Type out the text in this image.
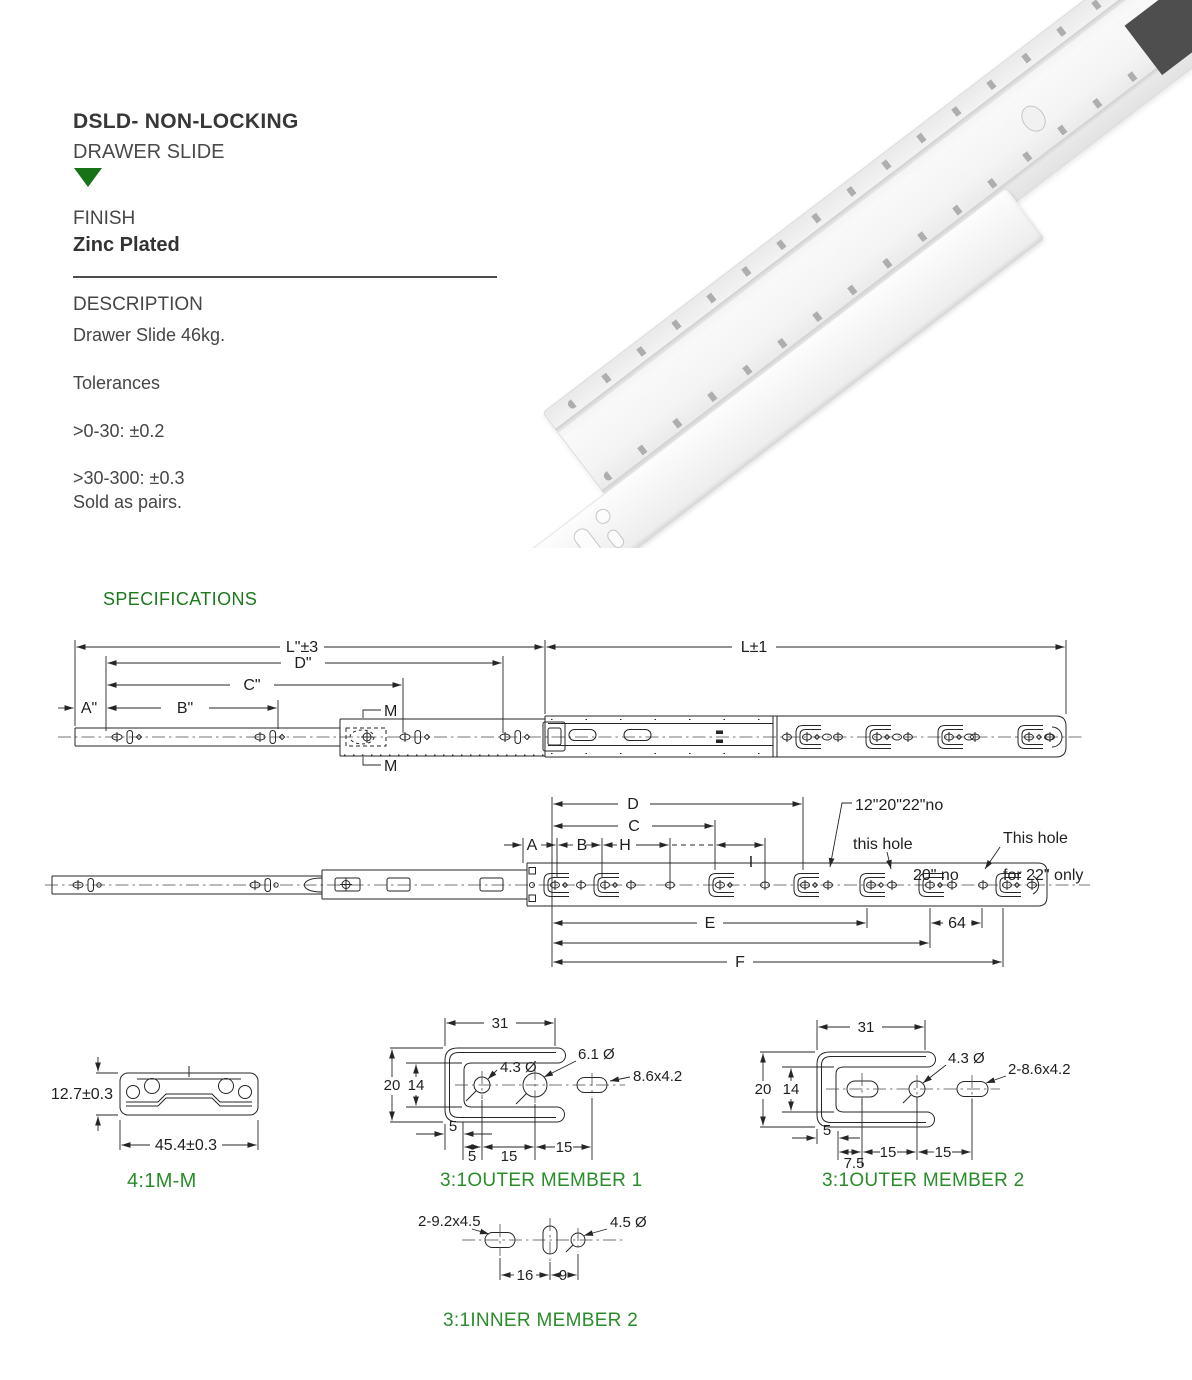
DSLD- NON-LOCKING
DRAWER SLIDE
FINISH
Zinc Plated
DESCRIPTION
Drawer Slide 46kg.
Tolerances
>0-30: ±0.2
>30-300: ±0.3
Sold as pairs.
SPECIFICATIONS
L"±3	L±1
D"
C"
B"
A"	M
M
D
C
A B H
I
E	64
F
12"20"22"no
this hole	This hole
20" no	for 22" only
12.7±0.3
45.4±0.3
4:1M-M
31
20 14
5
5 15
15
4.3 Ø
6.1 Ø
8.6x4.2
3:1OUTER MEMBER 1
31
20 14
5
7.5
15	15
4.3 Ø
2-8.6x4.2
3:1OUTER MEMBER 2
16 9
2-9.2x4.5	4.5 Ø
3:1INNER MEMBER 2
